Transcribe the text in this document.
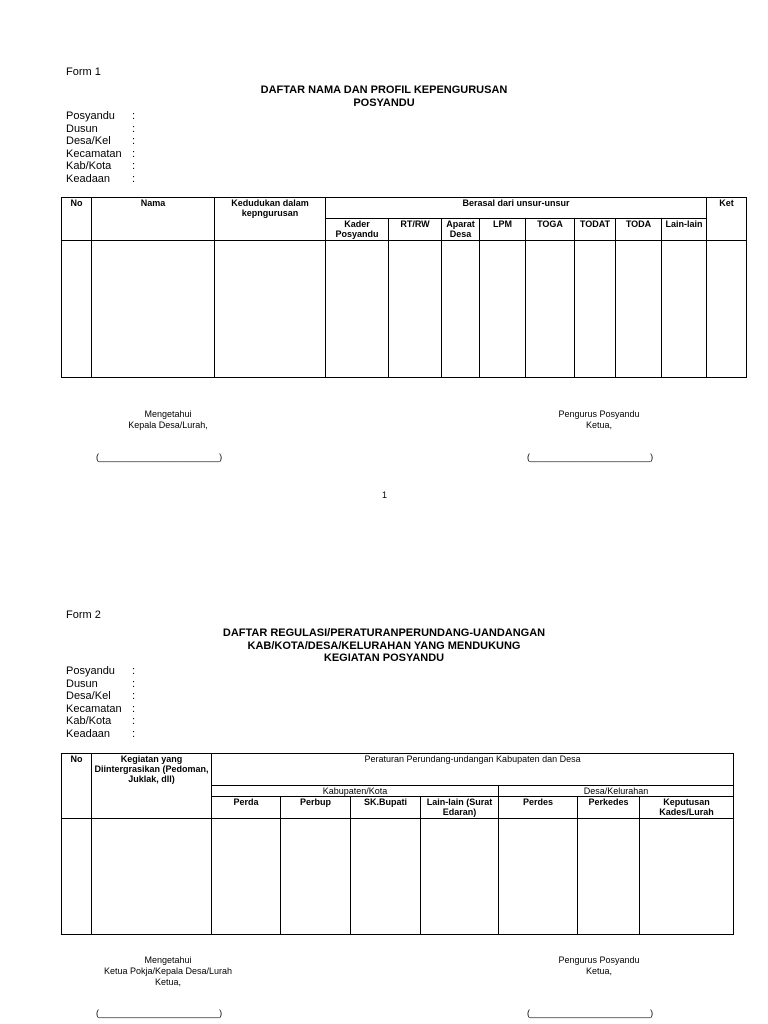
Form 1
DAFTAR NAMA DAN PROFIL KEPENGURUSAN
POSYANDU
Posyandu	:
Dusun	:
Desa/Kel	:
Kecamatan :
Kab/Kota	:
Keadaan	:
No	Nama	Kedudukan dalam kepngurusan	Berasal dari unsur-unsur								Ket
			Kader Posyandu	RT/RW	Aparat Desa	LPM	TOGA	TODAT	TODA	Lain-lain	

Mengetahui
Kepala Desa/Lurah,
Pengurus Posyandu
Ketua,
(________________________)	(________________________)
1
Form 2
DAFTAR REGULASI/PERATURANPERUNDANG-UANDANGAN
KAB/KOTA/DESA/KELURAHAN YANG MENDUKUNG
KEGIATAN POSYANDU
Posyandu	:
Dusun	:
Desa/Kel	:
Kecamatan :
Kab/Kota	:
Keadaan	:
No	Kegiatan yang Diintergrasikan (Pedoman, Juklak, dll)	Peraturan Perundang-undangan Kabupaten dan Desa						
		Kabupaten/Kota				Desa/Kelurahan		
		Perda	Perbup	SK.Bupati	Lain-lain (Surat Edaran)	Perdes	Perkedes	Keputusan Kades/Lurah

Mengetahui
Ketua Pokja/Kepala Desa/Lurah
Ketua,
Pengurus Posyandu
Ketua,
(________________________)	(________________________)
